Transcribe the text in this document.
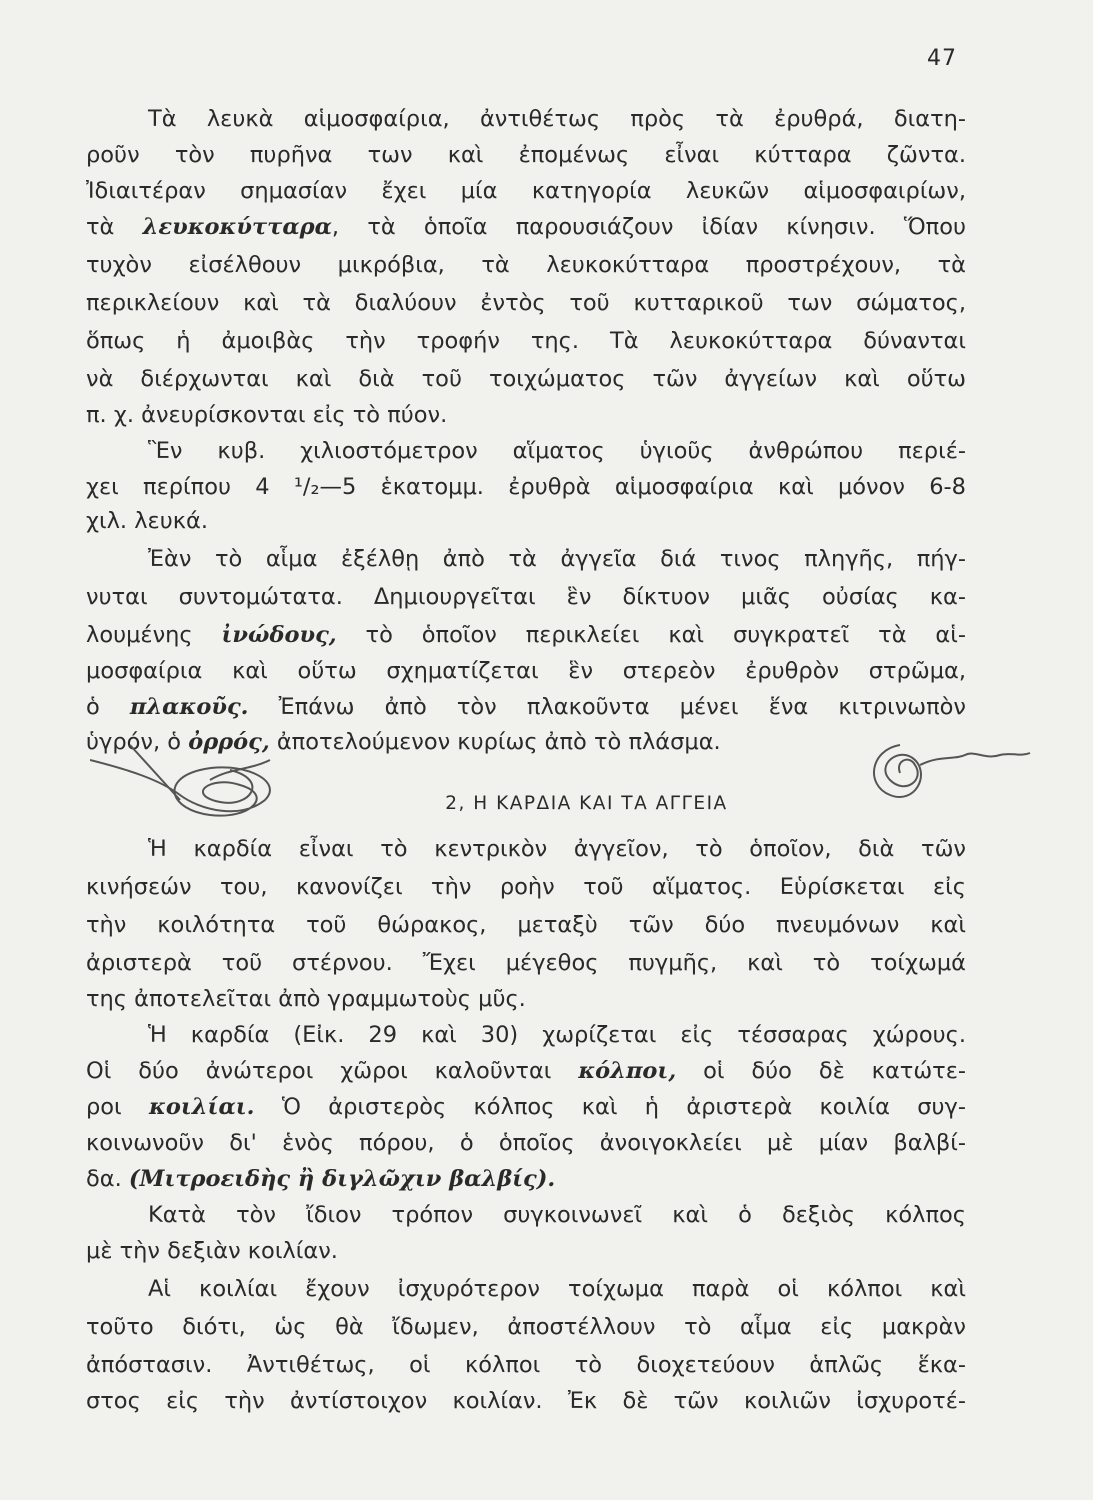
47
Τὰ λευκὰ αἱμοσφαίρια, ἀντιθέτως πρὸς τὰ ἐρυθρά, διατη-
ροῦν τὸν πυρῆνα των καὶ ἐπομένως εἶναι κύτταρα ζῶντα.
Ἰδιαιτέραν σημασίαν ἔχει μία κατηγορία λευκῶν αἱμοσφαιρίων,
τὰ λευκοκύτταρα, τὰ ὁποῖα παρουσιάζουν ἰδίαν κίνησιν. Ὅπου
τυχὸν εἰσέλθουν μικρόβια, τὰ λευκοκύτταρα προστρέχουν, τὰ
περικλείουν καὶ τὰ διαλύουν ἐντὸς τοῦ κυτταρικοῦ των σώματος,
ὅπως ἡ ἀμοιβὰς τὴν τροφήν της. Τὰ λευκοκύτταρα δύνανται
νὰ διέρχωνται καὶ διὰ τοῦ τοιχώματος τῶν ἀγγείων καὶ οὕτω
π. χ. ἀνευρίσκονται εἰς τὸ πύον.
Ἓν κυβ. χιλιοστόμετρον αἵματος ὑγιοῦς ἀνθρώπου περιέ-
χει περίπου 4 ¹/₂—5 ἑκατομμ. ἐρυθρὰ αἱμοσφαίρια καὶ μόνον 6-8
χιλ. λευκά.
Ἐὰν τὸ αἷμα ἐξέλθῃ ἀπὸ τὰ ἀγγεῖα διά τινος πληγῆς, πήγ-
νυται συντομώτατα. Δημιουργεῖται ἓν δίκτυον μιᾶς οὐσίας κα-
λουμένης ἰνώδους, τὸ ὁποῖον περικλείει καὶ συγκρατεῖ τὰ αἱ-
μοσφαίρια καὶ οὕτω σχηματίζεται ἓν στερεὸν ἐρυθρὸν στρῶμα,
ὁ πλακοῦς. Ἐπάνω ἀπὸ τὸν πλακοῦντα μένει ἕνα κιτρινωπὸν
ὑγρόν, ὁ ὀρρός, ἀποτελούμενον κυρίως ἀπὸ τὸ πλάσμα.
2, Η ΚΑΡΔΙΑ ΚΑΙ ΤΑ ΑΓΓΕΙΑ
Ἡ καρδία εἶναι τὸ κεντρικὸν ἀγγεῖον, τὸ ὁποῖον, διὰ τῶν
κινήσεών του, κανονίζει τὴν ροὴν τοῦ αἵματος. Εὑρίσκεται εἰς
τὴν κοιλότητα τοῦ θώρακος, μεταξὺ τῶν δύο πνευμόνων καὶ
ἀριστερὰ τοῦ στέρνου. Ἔχει μέγεθος πυγμῆς, καὶ τὸ τοίχωμά
της ἀποτελεῖται ἀπὸ γραμμωτοὺς μῦς.
Ἡ καρδία (Εἰκ. 29 καὶ 30) χωρίζεται εἰς τέσσαρας χώρους.
Οἱ δύο ἀνώτεροι χῶροι καλοῦνται κόλποι, οἱ δύο δὲ κατώτε-
ροι κοιλίαι. Ὁ ἀριστερὸς κόλπος καὶ ἡ ἀριστερὰ κοιλία συγ-
κοινωνοῦν δι' ἑνὸς πόρου, ὁ ὁποῖος ἀνοιγοκλείει μὲ μίαν βαλβί-
δα. (Μιτροειδὴς ἢ διγλῶχιν βαλβίς).
Κατὰ τὸν ἴδιον τρόπον συγκοινωνεῖ καὶ ὁ δεξιὸς κόλπος
μὲ τὴν δεξιὰν κοιλίαν.
Αἱ κοιλίαι ἔχουν ἰσχυρότερον τοίχωμα παρὰ οἱ κόλποι καὶ
τοῦτο διότι, ὡς θὰ ἴδωμεν, ἀποστέλλουν τὸ αἷμα εἰς μακρὰν
ἀπόστασιν. Ἀντιθέτως, οἱ κόλποι τὸ διοχετεύουν ἁπλῶς ἕκα-
στος εἰς τὴν ἀντίστοιχον κοιλίαν. Ἐκ δὲ τῶν κοιλιῶν ἰσχυροτέ-
